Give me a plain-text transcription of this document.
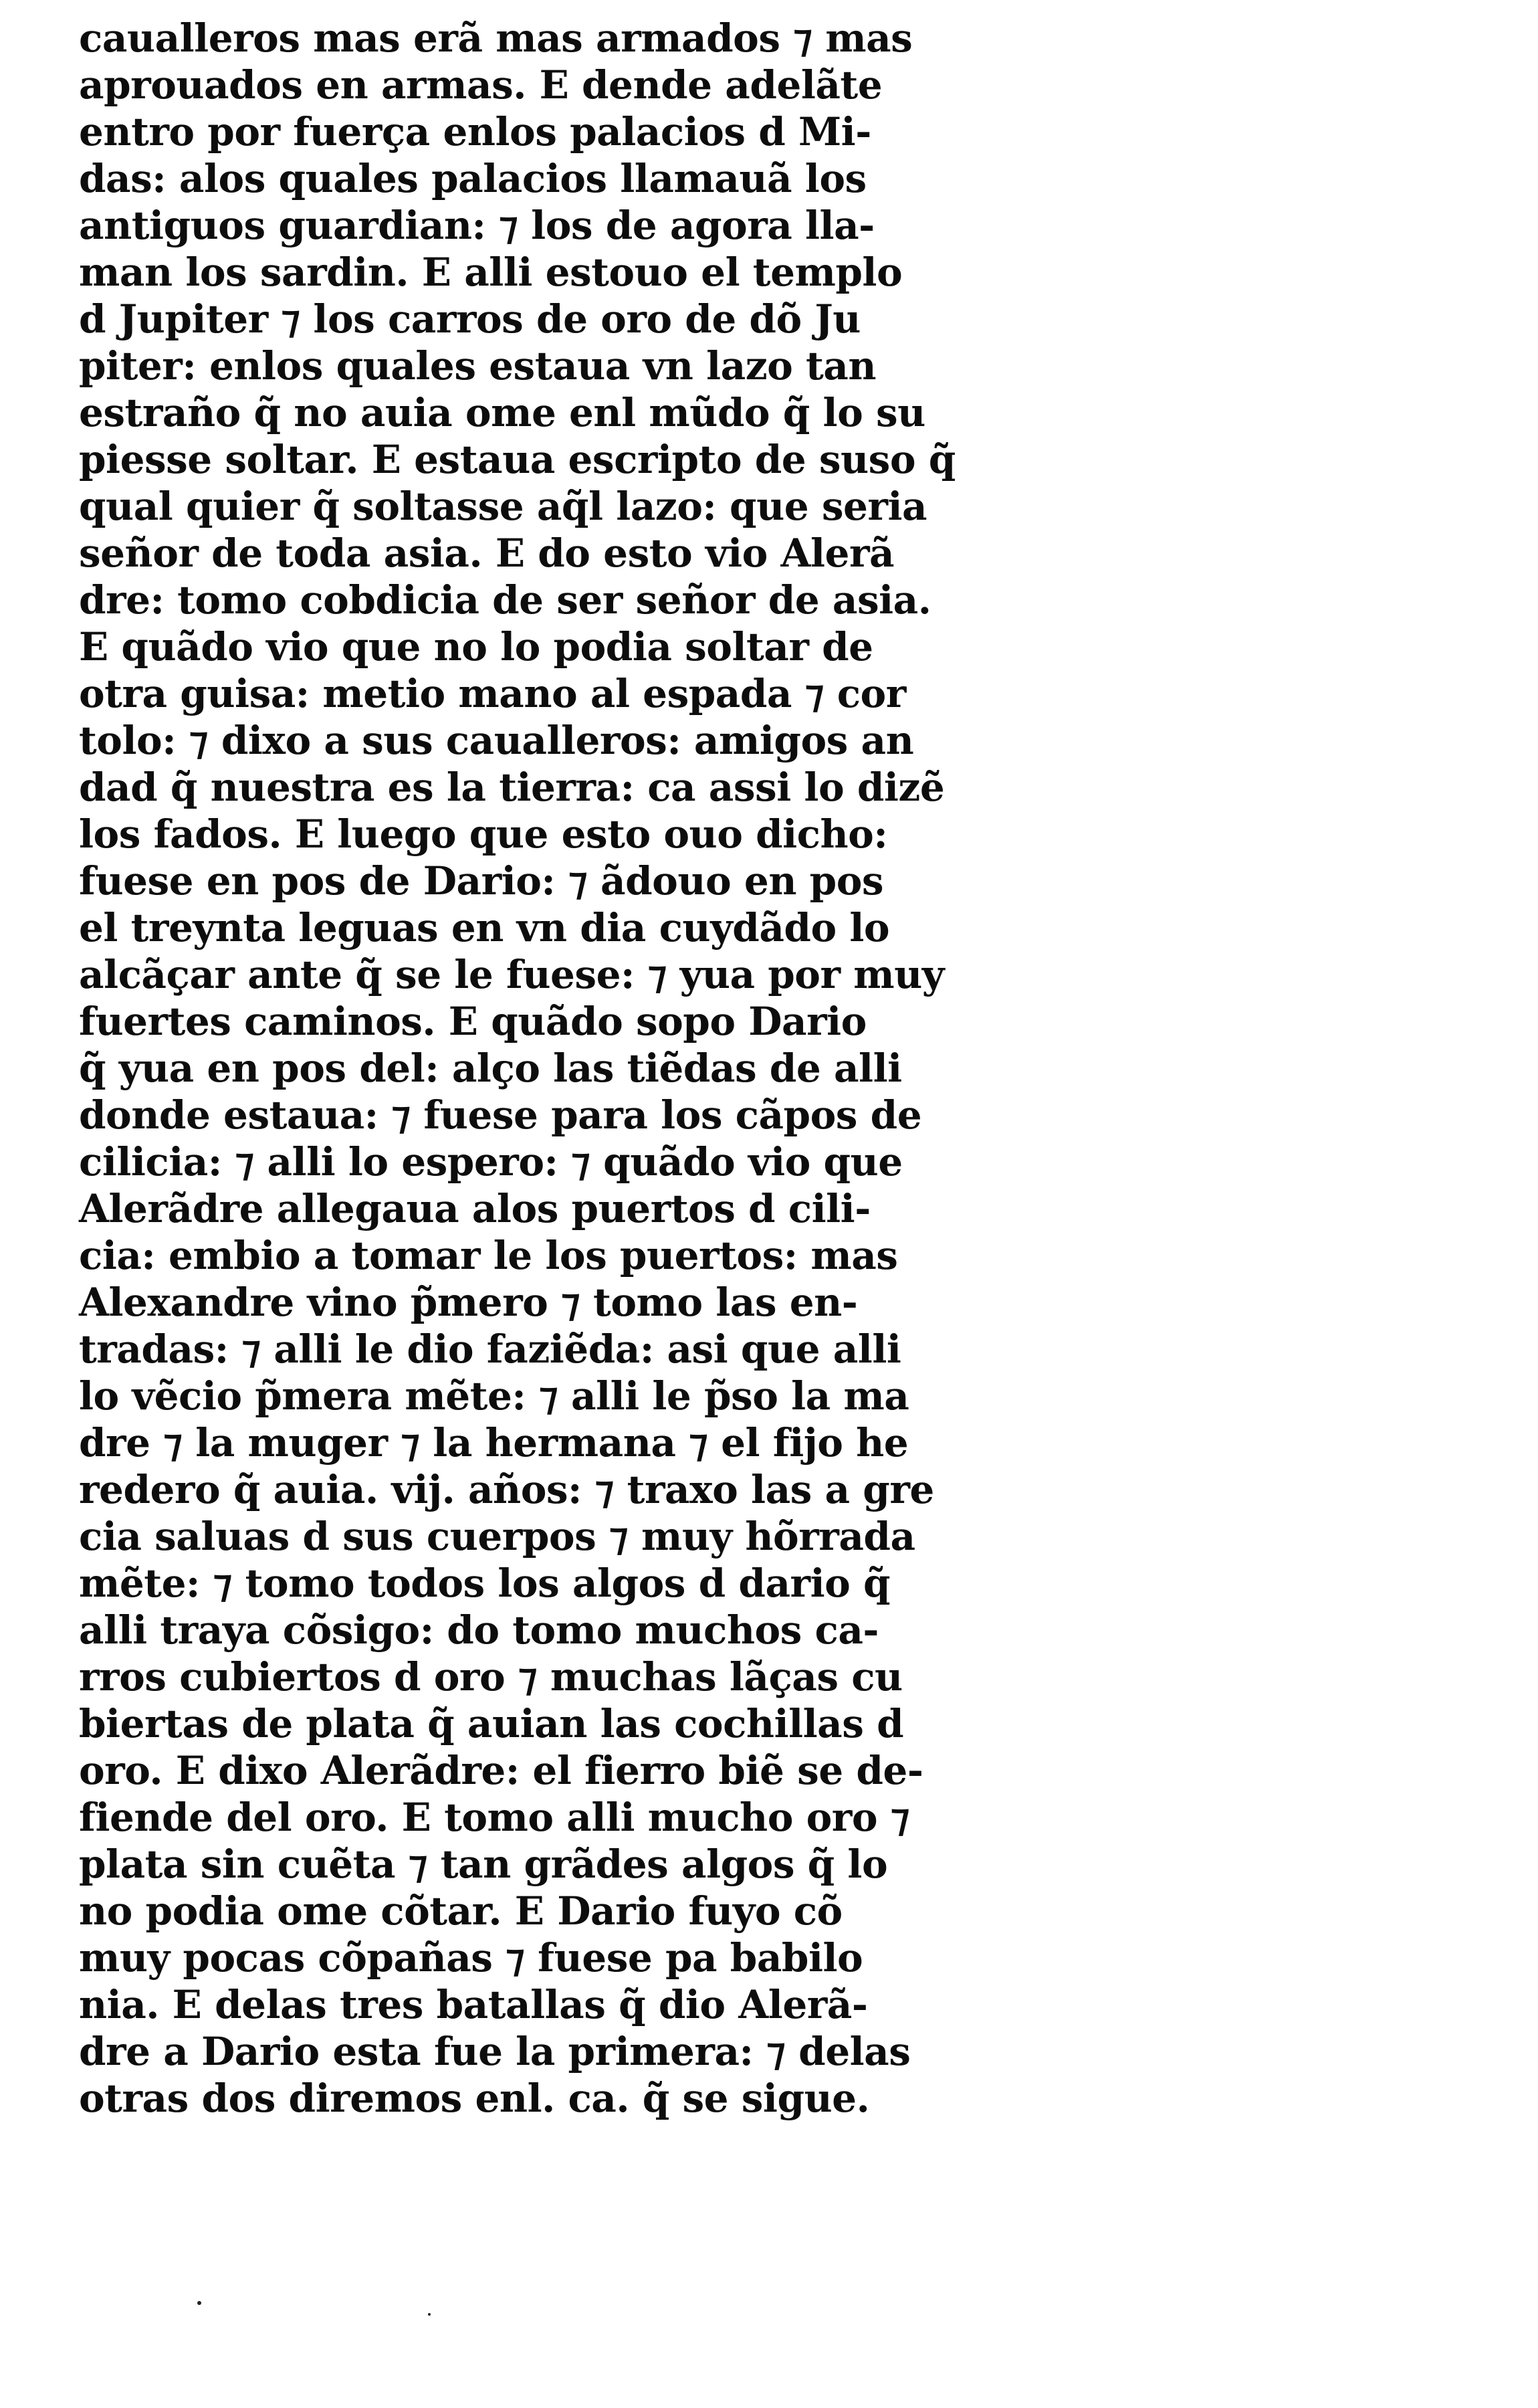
caualleros mas erã mas armados ⁊ mas
aprouados en armas. E dende adelãte
entro por fuerça enlos palacios d Mi‐
das: alos quales palacios llamauã los
antiguos guardian: ⁊ los de agora lla‐
man los sardin. E alli estouo el templo
d Jupiter ⁊ los carros de oro de dõ Ju
piter: enlos quales estaua vn lazo tan
estraño q̃ no auia ome enl mũdo q̃ lo su
piesse soltar. E estaua escripto de suso q̃
qual quier q̃ soltasse aq̃l lazo: que seria
señor de toda asia. E do esto vio Alerã
dre: tomo cobdicia de ser señor de asia.
E quãdo vio que no lo podia soltar de
otra guisa: metio mano al espada ⁊ cor
tolo: ⁊ dixo a sus caualleros: amigos an
dad q̃ nuestra es la tierra: ca assi lo dizẽ
los fados. E luego que esto ouo dicho:
fuese en pos de Dario: ⁊ ãdouo en pos
el treynta leguas en vn dia cuydãdo lo
alcãçar ante q̃ se le fuese: ⁊ yua por muy
fuertes caminos. E quãdo sopo Dario
q̃ yua en pos del: alço las tiẽdas de alli
donde estaua: ⁊ fuese para los cãpos de
cilicia: ⁊ alli lo espero: ⁊ quãdo vio que
Alerãdre allegaua alos puertos d cili‐
cia: embio a tomar le los puertos: mas
Alexandre vino p̃mero ⁊ tomo las en‐
tradas: ⁊ alli le dio faziẽda: asi que alli
lo vẽcio p̃mera mẽte: ⁊ alli le p̃so la ma
dre ⁊ la muger ⁊ la hermana ⁊ el fijo he
redero q̃ auia. vij. años: ⁊ traxo las a gre
cia saluas d sus cuerpos ⁊ muy hõrrada
mẽte: ⁊ tomo todos los algos d dario q̃
alli traya cõsigo: do tomo muchos ca‐
rros cubiertos d oro ⁊ muchas lãças cu
biertas de plata q̃ auian las cochillas d
oro. E dixo Alerãdre: el fierro biẽ se de‐
fiende del oro. E tomo alli mucho oro ⁊
plata sin cuẽta ⁊ tan grãdes algos q̃ lo
no podia ome cõtar. E Dario fuyo cõ
muy pocas cõpañas ⁊ fuese pa babilo
nia. E delas tres batallas q̃ dio Alerã‐
dre a Dario esta fue la primera: ⁊ delas
otras dos diremos enl. ca. q̃ se sigue.
